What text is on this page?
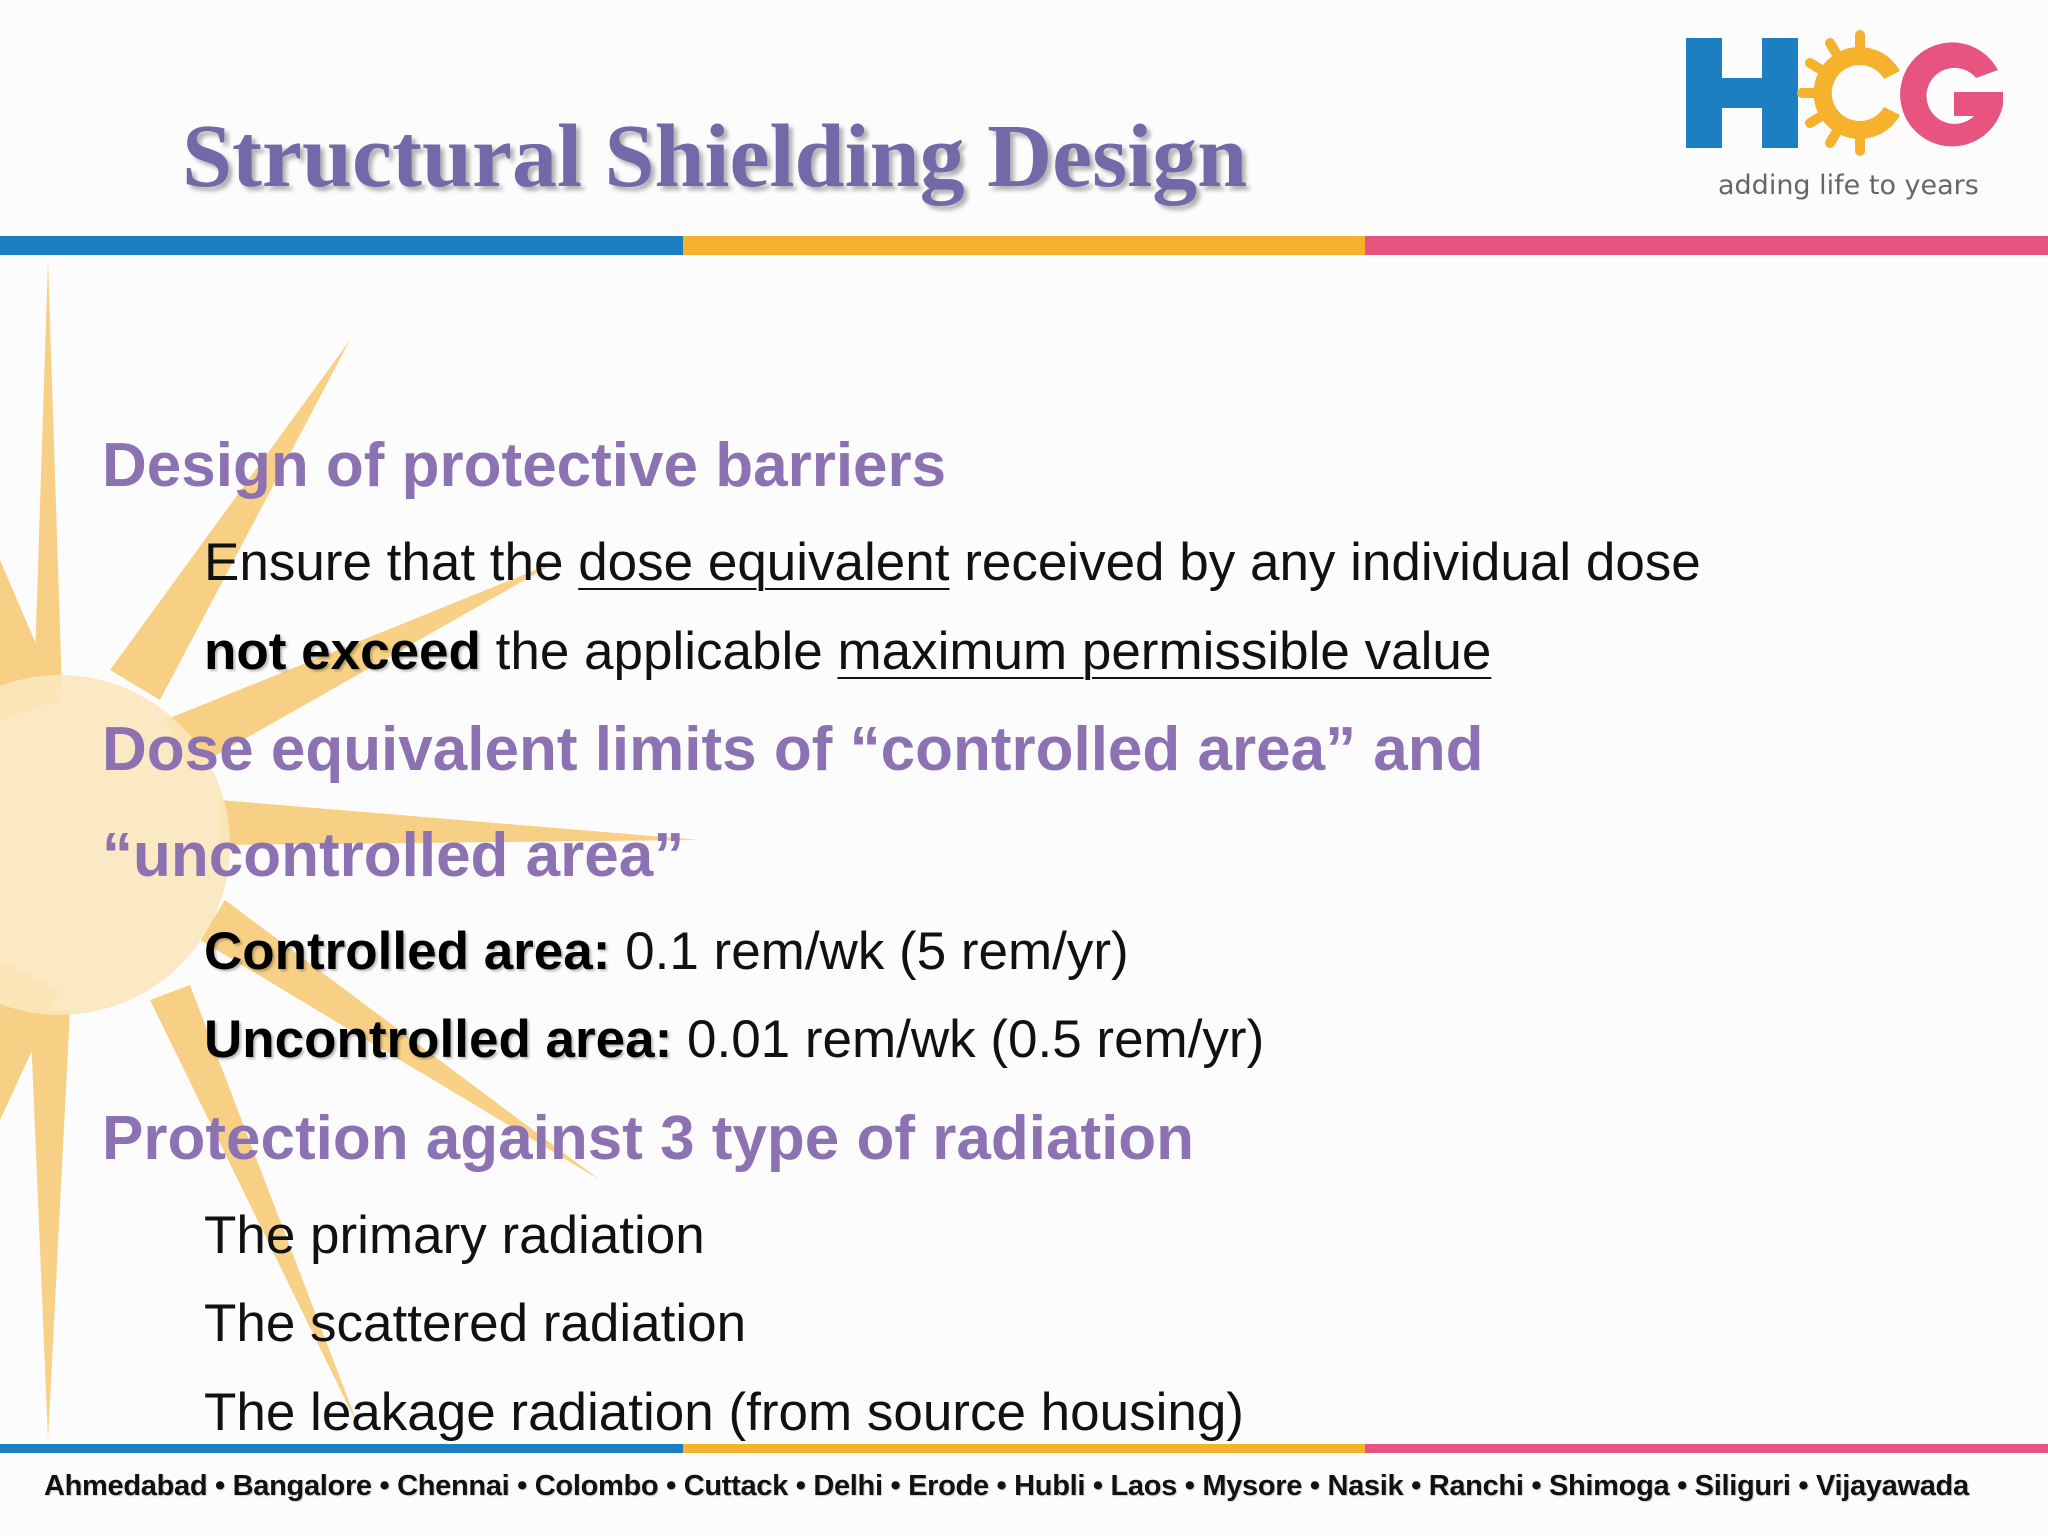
Structural Shielding Design	adding life to years
Design of protective barriers
Ensure that the dose equivalent received by any individual dose
not exceed the applicable maximum permissible value
Dose equivalent limits of “controlled area” and
“uncontrolled area”
Controlled area: 0.1 rem/wk (5 rem/yr)
Uncontrolled area: 0.01 rem/wk (0.5 rem/yr)
Protection against 3 type of radiation
The primary radiation
The scattered radiation
The leakage radiation (from source housing)
Ahmedabad • Bangalore • Chennai • Colombo • Cuttack • Delhi • Erode • Hubli • Laos • Mysore • Nasik • Ranchi • Shimoga • Siliguri • Vijayawada
